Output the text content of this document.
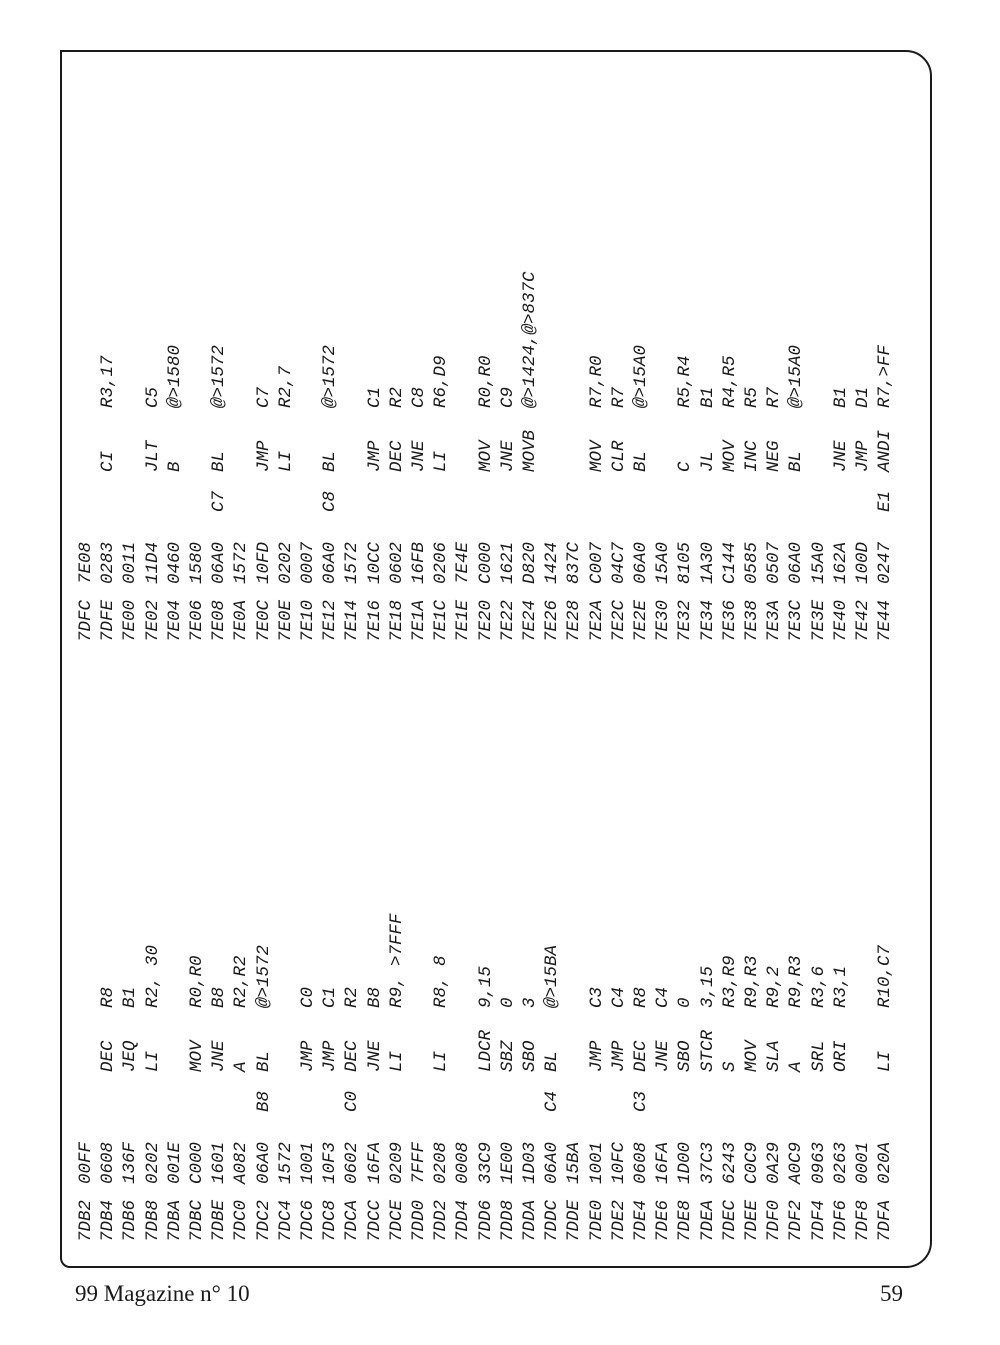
7DB2
00FF
7DB4
0608
DEC
R8
7DB6
136F
JEQ
B1
7DB8
0202
LI
R2, 30
7DBA
001E
7DBC
C000
MOV
R0,R0
7DBE
1601
JNE
B8
7DC0
A082
A
R2,R2
7DC2
06A0
B8
BL
@>1572
7DC4
1572
7DC6
1001
JMP
C0
7DC8
10F3
JMP
C1
7DCA
0602
C0
DEC
R2
7DCC
16FA
JNE
B8
7DCE
0209
LI
R9, >7FFF
7DD0
7FFF
7DD2
0208
LI
R8, 8
7DD4
0008
7DD6
33C9
LDCR
9,15
7DD8
1E00
SBZ
0
7DDA
1D03
SBO
3
7DDC
06A0
C4
BL
@>15BA
7DDE
15BA
7DE0
1001
JMP
C3
7DE2
10FC
JMP
C4
7DE4
0608
C3
DEC
R8
7DE6
16FA
JNE
C4
7DE8
1D00
SBO
0
7DEA
37C3
STCR
3,15
7DEC
6243
S
R3,R9
7DEE
C0C9
MOV
R9,R3
7DF0
0A29
SLA
R9,2
7DF2
A0C9
A
R9,R3
7DF4
0963
SRL
R3,6
7DF6
0263
ORI
R3,1
7DF8
0001
7DFA
020A
LI
R10,C7
7DFC
7E08
7DFE
0283
CI
R3,17
7E00
0011
7E02
11D4
JLT
C5
7E04
0460
B
@>1580
7E06
1580
7E08
06A0
C7
BL
@>1572
7E0A
1572
7E0C
10FD
JMP
C7
7E0E
0202
LI
R2,7
7E10
0007
7E12
06A0
C8
BL
@>1572
7E14
1572
7E16
10CC
JMP
C1
7E18
0602
DEC
R2
7E1A
16FB
JNE
C8
7E1C
0206
LI
R6,D9
7E1E
7E4E
7E20
C000
MOV
R0,R0
7E22
1621
JNE
C9
7E24
D820
MOVB
@>1424,@>837C
7E26
1424
7E28
837C
7E2A
C007
MOV
R7,R0
7E2C
04C7
CLR
R7
7E2E
06A0
BL
@>15A0
7E30
15A0
7E32
8105
C
R5,R4
7E34
1A30
JL
B1
7E36
C144
MOV
R4,R5
7E38
0585
INC
R5
7E3A
0507
NEG
R7
7E3C
06A0
BL
@>15A0
7E3E
15A0
7E40
162A
JNE
B1
7E42
100D
JMP
D1
7E44
0247
E1
ANDI
R7,>FF
99 Magazine n° 10	59
